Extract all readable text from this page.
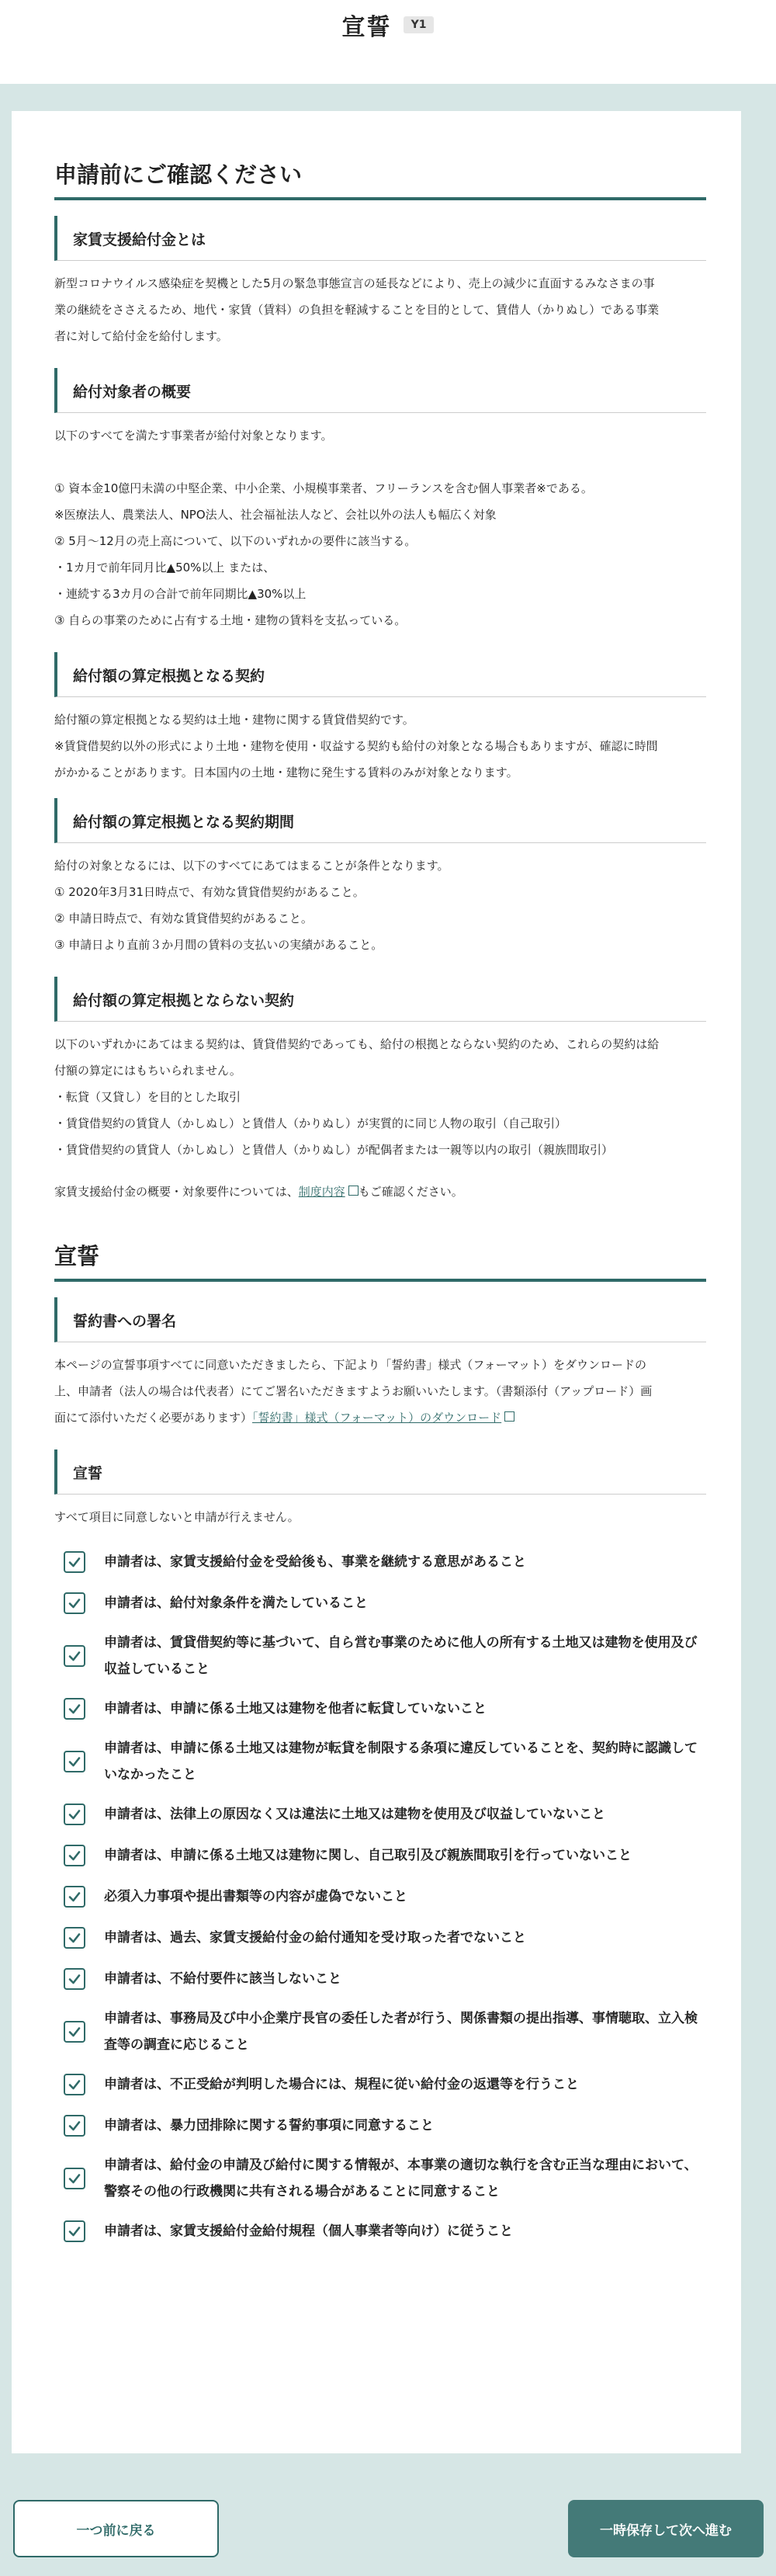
宣誓 Y1
申請前にご確認ください
家賃支援給付金とは
新型コロナウイルス感染症を契機とした5月の緊急事態宣言の延長などにより、売上の減少に直面するみなさまの事
業の継続をささえるため、地代・家賃（賃料）の負担を軽減することを目的として、賃借人（かりぬし）である事業
者に対して給付金を給付します。
給付対象者の概要
以下のすべてを満たす事業者が給付対象となります。
① 資本金10億円未満の中堅企業、中小企業、小規模事業者、フリーランスを含む個人事業者※である。
※医療法人、農業法人、NPO法人、社会福祉法人など、会社以外の法人も幅広く対象
② 5月～12月の売上高について、以下のいずれかの要件に該当する。
・1カ月で前年同月比▲50%以上 または、
・連続する3カ月の合計で前年同期比▲30%以上
③ 自らの事業のために占有する土地・建物の賃料を支払っている。
給付額の算定根拠となる契約
給付額の算定根拠となる契約は土地・建物に関する賃貸借契約です。
※賃貸借契約以外の形式により土地・建物を使用・収益する契約も給付の対象となる場合もありますが、確認に時間
がかかることがあります。日本国内の土地・建物に発生する賃料のみが対象となります。
給付額の算定根拠となる契約期間
給付の対象となるには、以下のすべてにあてはまることが条件となります。
① 2020年3月31日時点で、有効な賃貸借契約があること。
② 申請日時点で、有効な賃貸借契約があること。
③ 申請日より直前３か月間の賃料の支払いの実績があること。
給付額の算定根拠とならない契約
以下のいずれかにあてはまる契約は、賃貸借契約であっても、給付の根拠とならない契約のため、これらの契約は給
付額の算定にはもちいられません。
・転貸（又貸し）を目的とした取引
・賃貸借契約の賃貸人（かしぬし）と賃借人（かりぬし）が実質的に同じ人物の取引（自己取引）
・賃貸借契約の賃貸人（かしぬし）と賃借人（かりぬし）が配偶者または一親等以内の取引（親族間取引）
家賃支援給付金の概要・対象要件については、制度内容 もご確認ください。
宣誓
誓約書への署名
本ページの宣誓事項すべてに同意いただきましたら、下記より「誓約書」様式（フォーマット）をダウンロードの
上、申請者（法人の場合は代表者）にてご署名いただきますようお願いいたします。（書類添付（アップロード）画
面にて添付いただく必要があります）「誓約書」様式（フォーマット）のダウンロード
宣誓
すべて項目に同意しないと申請が行えません。
申請者は、家賃支援給付金を受給後も、事業を継続する意思があること
申請者は、給付対象条件を満たしていること
申請者は、賃貸借契約等に基づいて、自ら営む事業のために他人の所有する土地又は建物を使用及び収益していること
申請者は、申請に係る土地又は建物を他者に転貸していないこと
申請者は、申請に係る土地又は建物が転貸を制限する条項に違反していることを、契約時に認識していなかったこと
申請者は、法律上の原因なく又は違法に土地又は建物を使用及び収益していないこと
申請者は、申請に係る土地又は建物に関し、自己取引及び親族間取引を行っていないこと
必須入力事項や提出書類等の内容が虚偽でないこと
申請者は、過去、家賃支援給付金の給付通知を受け取った者でないこと
申請者は、不給付要件に該当しないこと
申請者は、事務局及び中小企業庁長官の委任した者が行う、関係書類の提出指導、事情聴取、立入検査等の調査に応じること
申請者は、不正受給が判明した場合には、規程に従い給付金の返還等を行うこと
申請者は、暴力団排除に関する誓約事項に同意すること
申請者は、給付金の申請及び給付に関する情報が、本事業の適切な執行を含む正当な理由において、警察その他の行政機関に共有される場合があることに同意すること
申請者は、家賃支援給付金給付規程（個人事業者等向け）に従うこと
一つ前に戻る	一時保存して次へ進む
